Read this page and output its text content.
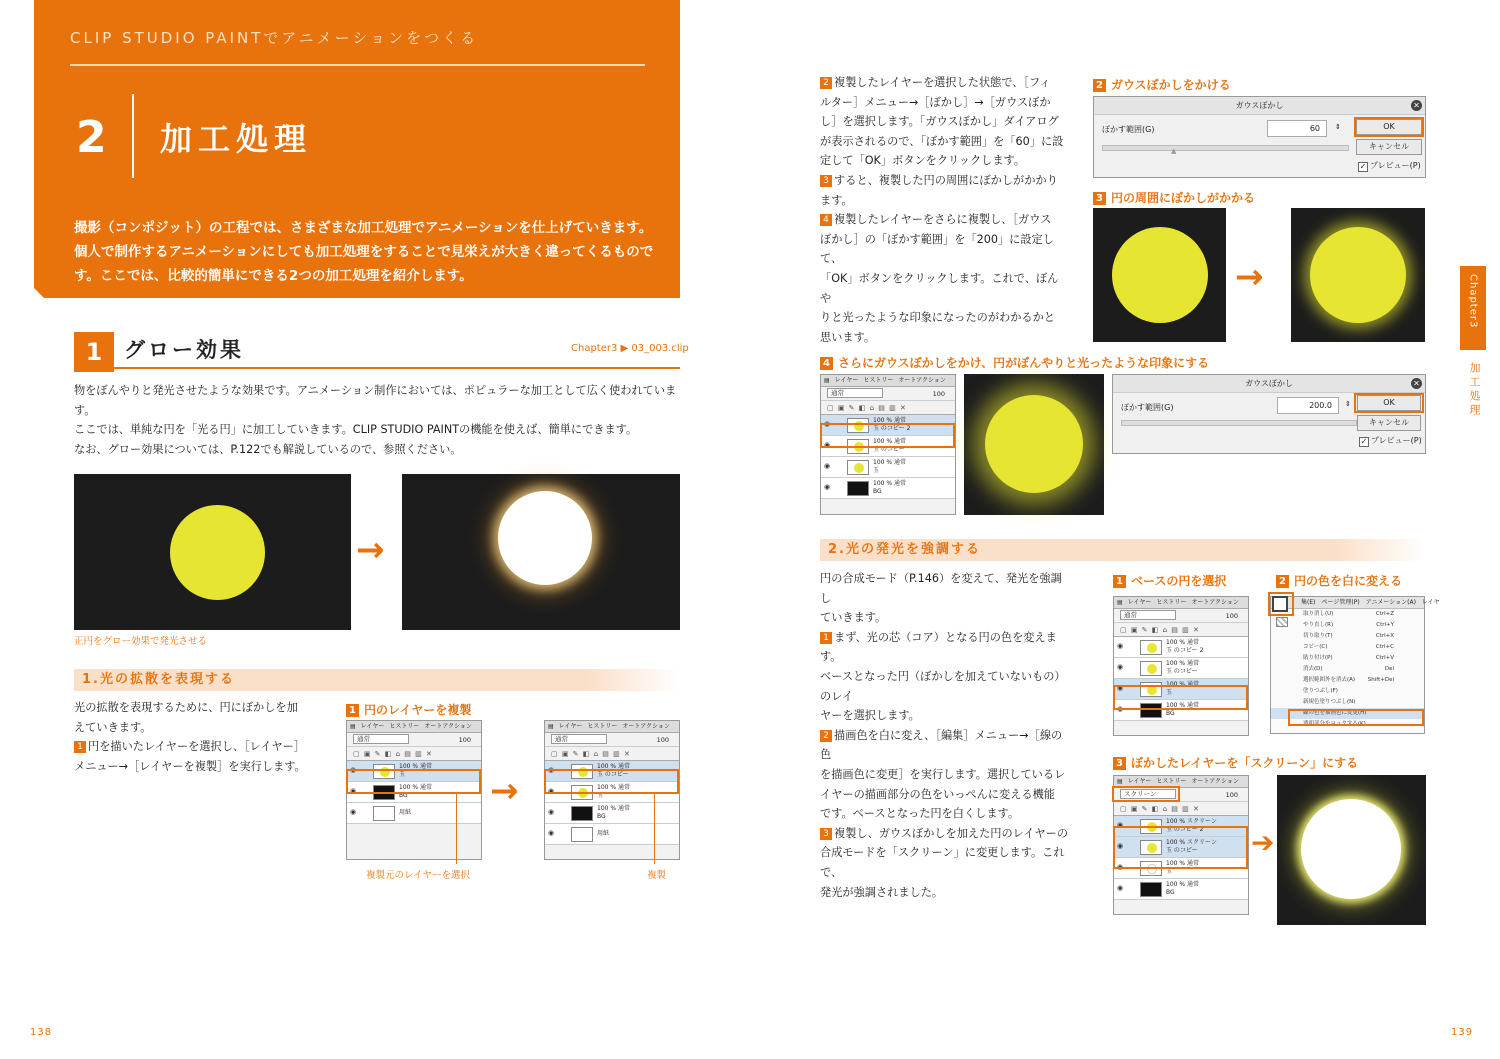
CLIP STUDIO PAINTでアニメーションをつくる
2 加工処理
撮影（コンポジット）の工程では、さまざまな加工処理でアニメーションを仕上げていきます。個人で制作するアニメーションにしても加工処理をすることで見栄えが大きく違ってくるものです。ここでは、比較的簡単にできる2つの加工処理を紹介します。
1	グロー効果	Chapter3 ▶ 03_003.clip
物をぼんやりと発光させたような効果です。アニメーション制作においては、ポピュラーな加工として広く使われていま
す。
ここでは、単純な円を「光る円」に加工していきます。CLIP STUDIO PAINTの機能を使えば、簡単にできます。
なお、グロー効果については、P.122でも解説しているので、参照ください。
→
正円をグロー効果で発光させる
1.光の拡散を表現する
光の拡散を表現するために、円にぼかしを加
えていきます。
1 円を描いたレイヤーを選択し、［レイヤー］
メニュー→［レイヤーを複製］を実行します。
1 円のレイヤーを複製
▤ レイヤー ヒストリー オートアクション
通常	100
▢ ▣ ✎ ◧ ⌂ ▤ ▥ ✕
◉	100 % 通常
玉
◉	100 % 通常
BG
◉	用紙
→
▤ レイヤー ヒストリー オートアクション
通常	100
▢ ▣ ✎ ◧ ⌂ ▤ ▥ ✕
◉	100 % 通常
玉 のコピー
◉	100 % 通常
玉
◉	100 % 通常
BG
◉	用紙
複製元のレイヤーを選択	複製
138
2 複製したレイヤーを選択した状態で、［フィ
ルター］メニュー→［ぼかし］→［ガウスぼか
し］を選択します。「ガウスぼかし」ダイアログ
が表示されるので、「ぼかす範囲」を「60」に設
定して「OK」ボタンをクリックします。
3 すると、複製した円の周囲にぼかしがかかり
ます。
4 複製したレイヤーをさらに複製し、［ガウス
ぼかし］の「ぼかす範囲」を「200」に設定して、
「OK」ボタンをクリックします。これで、ぼんや
りと光ったような印象になったのがわかるかと
思います。
2 ガウスぼかしをかける
ガウスぼかし	✕
ぼかす範囲(G)	60	⇕
▲
OK
キャンセル
✓ プレビュー(P)
3 円の周囲にぼかしがかかる
→
4 さらにガウスぼかしをかけ、円がぼんやりと光ったような印象にする
▤ レイヤー ヒストリー オートアクション
通常	100
▢ ▣ ✎ ◧ ⌂ ▤ ▥ ✕
◉	100 % 通常
玉 のコピー 2
◉	100 % 通常
玉 のコピー
◉	100 % 通常
玉
◉	100 % 通常
BG
ガウスぼかし	✕
ぼかす範囲(G)	200.0	⇕	OK
キャンセル
✓ プレビュー(P)
2.光の発光を強調する
円の合成モード（P.146）を変えて、発光を強調し
ていきます。
1 まず、光の芯（コア）となる円の色を変えます。
ベースとなった円（ぼかしを加えていないもの）のレイ
ヤーを選択します。
2 描画色を白に変え、［編集］メニュー→［線の色
を描画色に変更］を実行します。選択しているレ
イヤーの描画部分の色をいっぺんに変える機能
です。ベースとなった円を白くします。
3 複製し、ガウスぼかしを加えた円のレイヤーの
合成モードを「スクリーン」に変更します。これで、
発光が強調されました。
1 ベースの円を選択	2 円の色を白に変える
▤ レイヤー ヒストリー オートアクション
通常	100
▢ ▣ ✎ ◧ ⌂ ▤ ▥ ✕
◉	100 % 通常
玉 のコピー 2
◉	100 % 通常
玉 のコピー
◉	100 % 通常
玉
◉	100 % 通常
BG
集(E) ページ管理(P) アニメーション(A) レイヤ
取り消し(U)	Ctrl+Z
やり直し(R)	Ctrl+Y
切り取り(T)	Ctrl+X
コピー(C)	Ctrl+C
貼り付け(P)	Ctrl+V
消去(D)	Del
選択範囲外を消去(A) Shift+Del
塗りつぶし(F)
新規色塗りつぶし(N)
線の色を描画色に変更(H)
透明部分をロックする(K)
3 ぼかしたレイヤーを「スクリーン」にする
▤ レイヤー ヒストリー オートアクション
スクリーン	100
▢ ▣ ✎ ◧ ⌂ ▤ ▥ ✕
◉	100 % スクリーン
玉 のコピー 2
◉	100 % スクリーン
玉 のコピー
◉	100 % 通常
玉
◉	100 % 通常
BG
➔
Chapter3
加工処理
139
